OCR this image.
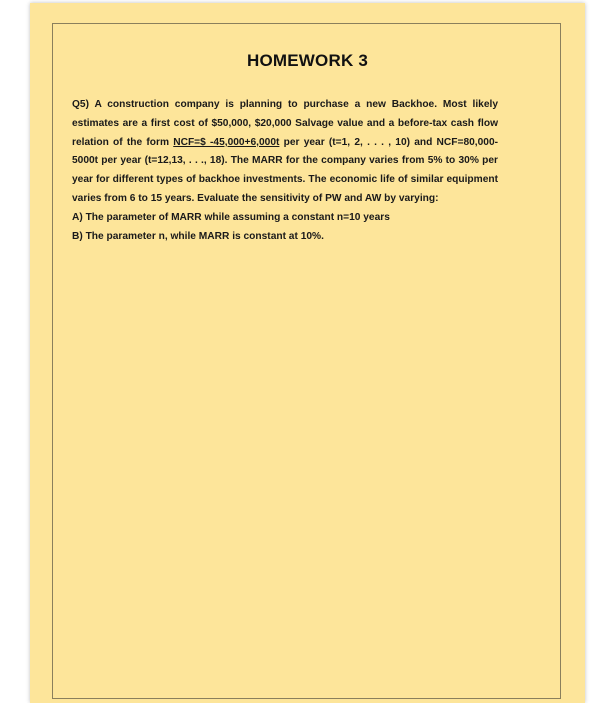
HOMEWORK 3

Q5) A construction company is planning to purchase a new Backhoe. Most likely estimates are a first cost of $50,000, $20,000 Salvage value and a before-tax cash flow relation of the form NCF=$ -45,000+6,000t per year (t=1, 2, . . . , 10) and NCF=80,000-5000t per year (t=12,13, . . ., 18). The MARR for the company varies from 5% to 30% per year for different types of backhoe investments. The economic life of similar equipment varies from 6 to 15 years. Evaluate the sensitivity of PW and AW by varying:

A) The parameter of MARR while assuming a constant n=10 years

B) The parameter n, while MARR is constant at 10%.
